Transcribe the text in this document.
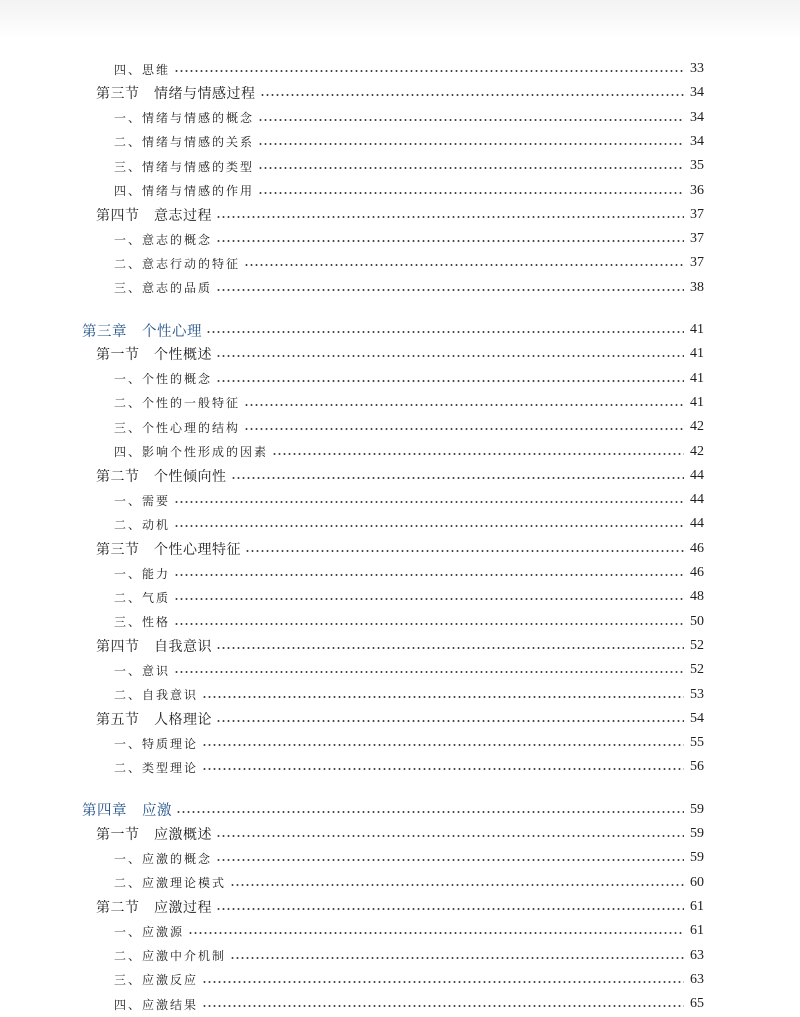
四、思维	33
第三节　情绪与情感过程	34
一、情绪与情感的概念	34
二、情绪与情感的关系	34
三、情绪与情感的类型	35
四、情绪与情感的作用	36
第四节　意志过程	37
一、意志的概念	37
二、意志行动的特征	37
三、意志的品质	38
第三章　个性心理	41
第一节　个性概述	41
一、个性的概念	41
二、个性的一般特征	41
三、个性心理的结构	42
四、影响个性形成的因素	42
第二节　个性倾向性	44
一、需要	44
二、动机	44
第三节　个性心理特征	46
一、能力	46
二、气质	48
三、性格	50
第四节　自我意识	52
一、意识	52
二、自我意识	53
第五节　人格理论	54
一、特质理论	55
二、类型理论	56
第四章　应激	59
第一节　应激概述	59
一、应激的概念	59
二、应激理论模式	60
第二节　应激过程	61
一、应激源	61
二、应激中介机制	63
三、应激反应	63
四、应激结果	65
